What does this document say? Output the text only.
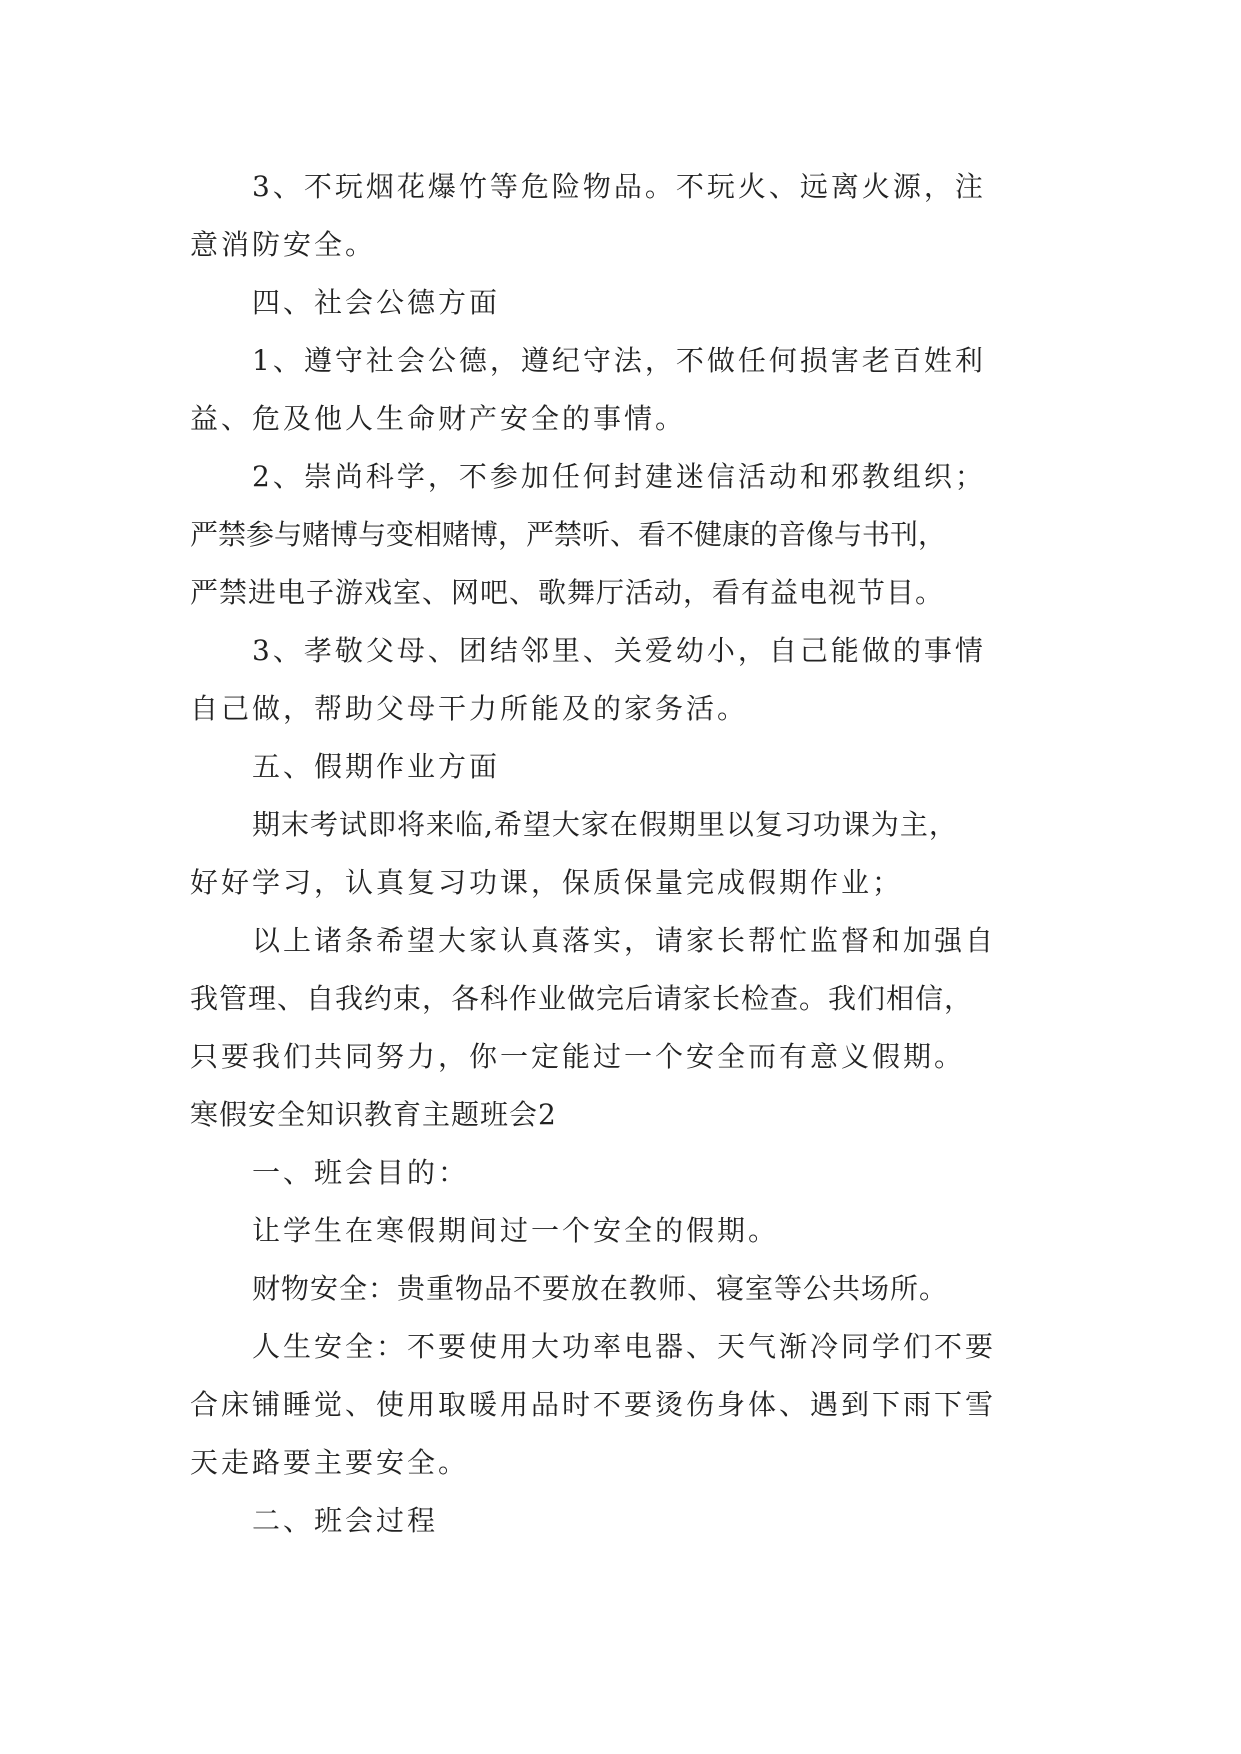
3、不玩烟花爆竹等危险物品。不玩火、远离火源，注
意消防安全。
四、社会公德方面
1、遵守社会公德，遵纪守法，不做任何损害老百姓利
益、危及他人生命财产安全的事情。
2、崇尚科学，不参加任何封建迷信活动和邪教组织；
严禁参与赌博与变相赌博，严禁听、看不健康的音像与书刊，
严禁进电子游戏室、网吧、歌舞厅活动，看有益电视节目。
3、孝敬父母、团结邻里、关爱幼小，自己能做的事情
自己做，帮助父母干力所能及的家务活。
五、假期作业方面
期末考试即将来临,希望大家在假期里以复习功课为主，
好好学习，认真复习功课，保质保量完成假期作业；
以上诸条希望大家认真落实，请家长帮忙监督和加强自
我管理、自我约束，各科作业做完后请家长检查。我们相信，
只要我们共同努力，你一定能过一个安全而有意义假期。
寒假安全知识教育主题班会2
一、班会目的：
让学生在寒假期间过一个安全的假期。
财物安全：贵重物品不要放在教师、寝室等公共场所。
人生安全：不要使用大功率电器、天气渐冷同学们不要
合床铺睡觉、使用取暖用品时不要烫伤身体、遇到下雨下雪
天走路要主要安全。
二、班会过程
